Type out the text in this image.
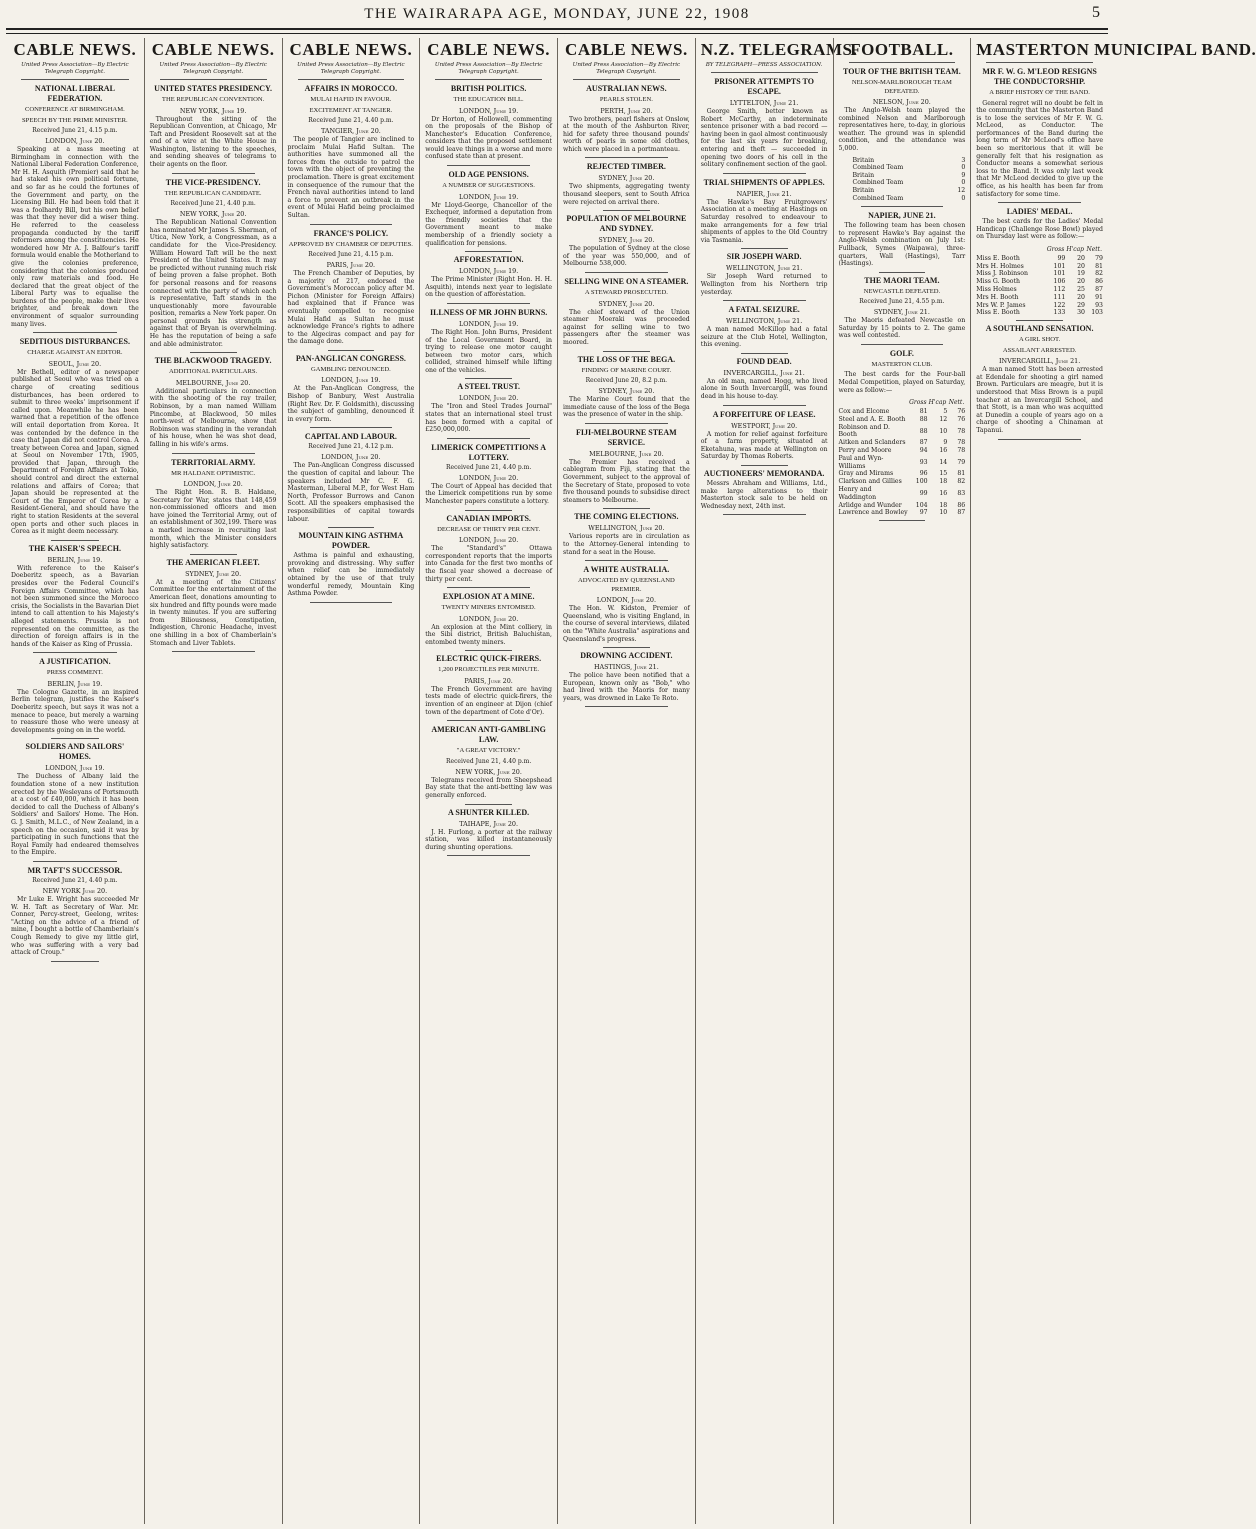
THE WAIRARAPA AGE, MONDAY, JUNE 22, 1908	5
CABLE NEWS.
United Press Association—By Electric Telegraph Copyright.
NATIONAL LIBERAL FEDERATION.
CONFERENCE AT BIRMINGHAM.
SPEECH BY THE PRIME MINISTER.
Received June 21, 4.15 p.m.
LONDON, June 20.

Speaking at a mass meeting at Birmingham in connection with the National Liberal Federation Conference, Mr H. H. Asquith (Premier) said that he had staked his own political fortune, and so far as he could the fortunes of the Government and party, on the Licensing Bill. He had been told that it was a foolhardy Bill, but his own belief was that they never did a wiser thing. He referred to the ceaseless propaganda conducted by the tariff reformers among the constituencies. He wondered how Mr A. J. Balfour's tariff formula would enable the Motherland to give the colonies preference, considering that the colonies produced only raw materials and food. He declared that the great object of the Liberal Party was to equalise the burdens of the people, make their lives brighter, and break down the environment of squalor surrounding many lives.

SEDITIOUS DISTURBANCES.
CHARGE AGAINST AN EDITOR.
SEOUL, June 20.

Mr Bethell, editor of a newspaper published at Seoul who was tried on a charge of creating seditious disturbances, has been ordered to submit to three weeks' imprisonment if called upon. Meanwhile he has been warned that a repetition of the offence will entail deportation from Korea. It was contended by the defence in the case that Japan did not control Corea. A treaty between Corea and Japan, signed at Seoul on November 17th, 1905, provided that Japan, through the Department of Foreign Affairs at Tokio, should control and direct the external relations and affairs of Corea; that Japan should be represented at the Court of the Emperor of Corea by a Resident-General, and should have the right to station Residents at the several open ports and other such places in Corea as it might deem necessary.

THE KAISER'S SPEECH.
BERLIN, June 19.

With reference to the Kaiser's Doeberitz speech, as a Bavarian presides over the Federal Council's Foreign Affairs Committee, which has not been summoned since the Morocco crisis, the Socialists in the Bavarian Diet intend to call attention to his Majesty's alleged statements. Prussia is not represented on the committee, as the direction of foreign affairs is in the hands of the Kaiser as King of Prussia.

A JUSTIFICATION.
PRESS COMMENT.
BERLIN, June 19.

The Cologne Gazette, in an inspired Berlin telegram, justifies the Kaiser's Doeberitz speech, but says it was not a menace to peace, but merely a warning to reassure those who were uneasy at developments going on in the world.

SOLDIERS AND SAILORS' HOMES.
LONDON, June 19.

The Duchess of Albany laid the foundation stone of a new institution erected by the Wesleyans of Portsmouth at a cost of £40,000, which it has been decided to call the Duchess of Albany's Soldiers' and Sailors' Home. The Hon. G. J. Smith, M.L.C., of New Zealand, in a speech on the occasion, said it was by participating in such functions that the Royal Family had endeared themselves to the Empire.

MR TAFT'S SUCCESSOR.
Received June 21, 4.40 p.m.
NEW YORK June 20.

Mr Luke E. Wright has succeeded Mr W. H. Taft as Secretary of War. Mr. Conner, Percy-street, Geelong, writes: "Acting on the advice of a friend of mine, I bought a bottle of Chamberlain's Cough Remedy to give my little girl, who was suffering with a very bad attack of Croup."

CABLE NEWS.
United Press Association—By Electric Telegraph Copyright.
UNITED STATES PRESIDENCY.
THE REPUBLICAN CONVENTION.
NEW YORK, June 19.

Throughout the sitting of the Republican Convention, at Chicago, Mr Taft and President Roosevelt sat at the end of a wire at the White House in Washington, listening to the speeches, and sending sheaves of telegrams to their agents on the floor.

THE VICE-PRESIDENCY.
THE REPUBLICAN CANDIDATE.
Received June 21, 4.40 p.m.
NEW YORK, June 20.

The Republican National Convention has nominated Mr James S. Sherman, of Utica, New York, a Congressman, as a candidate for the Vice-Presidency. William Howard Taft will be the next President of the United States. It may be predicted without running much risk of being proven a false prophet. Both for personal reasons and for reasons connected with the party of which each is representative, Taft stands in the unquestionably more favourable position, remarks a New York paper. On personal grounds his strength as against that of Bryan is overwhelming. He has the reputation of being a safe and able administrator.

THE BLACKWOOD TRAGEDY.
ADDITIONAL PARTICULARS.
MELBOURNE, June 20.

Additional particulars in connection with the shooting of the ray trailer, Robinson, by a man named William Pincombe, at Blackwood, 50 miles north-west of Melbourne, show that Robinson was standing in the verandah of his house, when he was shot dead, falling in his wife's arms.

TERRITORIAL ARMY.
MR HALDANE OPTIMISTIC.
LONDON, June 20.

The Right Hon. R. B. Haldane, Secretary for War, states that 148,459 non-commissioned officers and men have joined the Territorial Army, out of an establishment of 302,199. There was a marked increase in recruiting last month, which the Minister considers highly satisfactory.

THE AMERICAN FLEET.
SYDNEY, June 20.

At a meeting of the Citizens' Committee for the entertainment of the American fleet, donations amounting to six hundred and fifty pounds were made in twenty minutes. If you are suffering from Biliousness, Constipation, Indigestion, Chronic Headache, invest one shilling in a box of Chamberlain's Stomach and Liver Tablets.

CABLE NEWS.
United Press Association—By Electric Telegraph Copyright.
AFFAIRS IN MOROCCO.
MULAI HAFID IN FAVOUR.
EXCITEMENT AT TANGIER.
Received June 21, 4.40 p.m.
TANGIER, June 20.

The people of Tangier are inclined to proclaim Mulai Hafid Sultan. The authorities have summoned all the forces from the outside to patrol the town with the object of preventing the proclamation. There is great excitement in consequence of the rumour that the French naval authorities intend to land a force to prevent an outbreak in the event of Mulai Hafid being proclaimed Sultan.

FRANCE'S POLICY.
APPROVED BY CHAMBER OF DEPUTIES.
Received June 21, 4.15 p.m.
PARIS, June 20.

The French Chamber of Deputies, by a majority of 217, endorsed the Government's Moroccan policy after M. Pichon (Minister for Foreign Affairs) had explained that if France was eventually compelled to recognise Mulai Hafid as Sultan he must acknowledge France's rights to adhere to the Algeciras compact and pay for the damage done.

PAN-ANGLICAN CONGRESS.
GAMBLING DENOUNCED.
LONDON, June 19.

At the Pan-Anglican Congress, the Bishop of Banbury, West Australia (Right Rev. Dr. F. Goldsmith), discussing the subject of gambling, denounced it in every form.

CAPITAL AND LABOUR.
Received June 21, 4.12 p.m.
LONDON, June 20.

The Pan-Anglican Congress discussed the question of capital and labour. The speakers included Mr C. F. G. Masterman, Liberal M.P., for West Ham North, Professor Burrows and Canon Scott. All the speakers emphasised the responsibilities of capital towards labour.

MOUNTAIN KING ASTHMA POWDER.

Asthma is painful and exhausting, provoking and distressing. Why suffer when relief can be immediately obtained by the use of that truly wonderful remedy, Mountain King Asthma Powder.

CABLE NEWS.
United Press Association—By Electric Telegraph Copyright.
BRITISH POLITICS.
THE EDUCATION BILL.
LONDON, June 19.

Dr Horton, of Hollowell, commenting on the proposals of the Bishop of Manchester's Education Conference, considers that the proposed settlement would leave things in a worse and more confused state than at present.

OLD AGE PENSIONS.
A NUMBER OF SUGGESTIONS.
LONDON, June 19.

Mr Lloyd-George, Chancellor of the Exchequer, informed a deputation from the friendly societies that the Government meant to make membership of a friendly society a qualification for pensions.

AFFORESTATION.
LONDON, June 19.

The Prime Minister (Right Hon. H. H. Asquith), intends next year to legislate on the question of afforestation.

ILLNESS OF MR JOHN BURNS.
LONDON, June 19.

The Right Hon. John Burns, President of the Local Government Board, in trying to release one motor caught between two motor cars, which collided, strained himself while lifting one of the vehicles.

A STEEL TRUST.
LONDON, June 20.

The "Iron and Steel Trades Journal" states that an international steel trust has been formed with a capital of £250,000,000.

LIMERICK COMPETITIONS A LOTTERY.
Received June 21, 4.40 p.m.
LONDON, June 20.

The Court of Appeal has decided that the Limerick competitions run by some Manchester papers constitute a lottery.

CANADIAN IMPORTS.
DECREASE OF THIRTY PER CENT.
LONDON, June 20.

The "Standard's" Ottawa correspondent reports that the imports into Canada for the first two months of the fiscal year showed a decrease of thirty per cent.

EXPLOSION AT A MINE.
TWENTY MINERS ENTOMBED.
LONDON, June 20.

An explosion at the Mint colliery, in the Sibi district, British Baluchistan, entombed twenty miners.

ELECTRIC QUICK-FIRERS.
1,200 PROJECTILES PER MINUTE.
PARIS, June 20.

The French Government are having tests made of electric quick-firers, the invention of an engineer at Dijon (chief town of the department of Cote d'Or).

AMERICAN ANTI-GAMBLING LAW.
"A GREAT VICTORY."
Received June 21, 4.40 p.m.
NEW YORK, June 20.

Telegrams received from Sheepshead Bay state that the anti-betting law was generally enforced.

A SHUNTER KILLED.
TAIHAPE, June 20.

J. H. Furlong, a porter at the railway station, was killed instantaneously during shunting operations.

CABLE NEWS.
United Press Association—By Electric Telegraph Copyright.
AUSTRALIAN NEWS.
PEARLS STOLEN.
PERTH, June 20.

Two brothers, pearl fishers at Onslow, at the mouth of the Ashburton River, hid for safety three thousand pounds' worth of pearls in some old clothes, which were placed in a portmanteau.

REJECTED TIMBER.
SYDNEY, June 20.

Two shipments, aggregating twenty thousand sleepers, sent to South Africa were rejected on arrival there.

POPULATION OF MELBOURNE AND SYDNEY.
SYDNEY, June 20.

The population of Sydney at the close of the year was 550,000, and of Melbourne 538,000.

SELLING WINE ON A STEAMER.
A STEWARD PROSECUTED.
SYDNEY, June 20.

The chief steward of the Union steamer Moeraki was proceeded against for selling wine to two passengers after the steamer was moored.

THE LOSS OF THE BEGA.
FINDING OF MARINE COURT.
Received June 20, 8.2 p.m.
SYDNEY, June 20.

The Marine Court found that the immediate cause of the loss of the Bega was the presence of water in the ship.

FIJI-MELBOURNE STEAM SERVICE.
MELBOURNE, June 20.

The Premier has received a cablegram from Fiji, stating that the Government, subject to the approval of the Secretary of State, proposed to vote five thousand pounds to subsidise direct steamers to Melbourne.

THE COMING ELECTIONS.
WELLINGTON, June 20.

Various reports are in circulation as to the Attorney-General intending to stand for a seat in the House.

A WHITE AUSTRALIA.
ADVOCATED BY QUEENSLAND PREMIER.
LONDON, June 20.

The Hon. W. Kidston, Premier of Queensland, who is visiting England, in the course of several interviews, dilated on the "White Australia" aspirations and Queensland's progress.

DROWNING ACCIDENT.
HASTINGS, June 21.

The police have been notified that a European, known only as "Bob," who had lived with the Maoris for many years, was drowned in Lake Te Roto.

N.Z. TELEGRAMS.
BY TELEGRAPH—PRESS ASSOCIATION.
PRISONER ATTEMPTS TO ESCAPE.
LYTTELTON, June 21.

George Smith, better known as Robert McCarthy, an indeterminate sentence prisoner with a bad record — having been in gaol almost continuously for the last six years for breaking, entering and theft — succeeded in opening two doors of his cell in the solitary confinement section of the gaol.

TRIAL SHIPMENTS OF APPLES.
NAPIER, June 21.

The Hawke's Bay Fruitgrowers' Association at a meeting at Hastings on Saturday resolved to endeavour to make arrangements for a few trial shipments of apples to the Old Country via Tasmania.

SIR JOSEPH WARD.
WELLINGTON, June 21.

Sir Joseph Ward returned to Wellington from his Northern trip yesterday.

A FATAL SEIZURE.
WELLINGTON, June 21.

A man named McKillop had a fatal seizure at the Club Hotel, Wellington, this evening.

FOUND DEAD.
INVERCARGILL, June 21.

An old man, named Hogg, who lived alone in South Invercargill, was found dead in his house to-day.

A FORFEITURE OF LEASE.
WESTPORT, June 20.

A motion for relief against forfeiture of a farm property, situated at Eketahuna, was made at Wellington on Saturday by Thomas Roberts.

AUCTIONEERS' MEMORANDA.

Messrs Abraham and Williams, Ltd., make large alterations to their Masterton stock sale to be held on Wednesday next, 24th inst.

FOOTBALL.
TOUR OF THE BRITISH TEAM.
NELSON-MARLBOROUGH TEAM DEFEATED.
NELSON, June 20.

The Anglo-Welsh team played the combined Nelson and Marlborough representatives here, to-day, in glorious weather. The ground was in splendid condition, and the attendance was 5,000.

Britain	3
Combined Team	0
Britain	9
Combined Team	0
Britain	12
Combined Team	0
NAPIER, JUNE 21.

The following team has been chosen to represent Hawke's Bay against the Anglo-Welsh combination on July 1st: Fullback, Symes (Waipawa), three-quarters, Wall (Hastings), Tarr (Hastings).

THE MAORI TEAM.
NEWCASTLE DEFEATED.
Received June 21, 4.55 p.m.
SYDNEY, June 21.

The Maoris defeated Newcastle on Saturday by 15 points to 2. The game was well contested.

GOLF.
MASTERTON CLUB.

The best cards for the Four-ball Medal Competition, played on Saturday, were as follow:—

	Gross	H'cap	Nett.
Cox and Elcome	81	5	76
Steel and A. E. Booth	88	12	76
Robinson and D. Booth	88	10	78
Aitken and Sclanders	87	9	78
Perry and Moore	94	16	78
Paul and Wyn-Williams	93	14	79
Gray and Mirams	96	15	81
Clarkson and Gillies	100	18	82
Henry and Waddington	99	16	83
Arlidge and Wunder	104	18	86
Lawrence and Bowley	97	10	87
MASTERTON MUNICIPAL BAND.
MR F. W. G. M'LEOD RESIGNS THE CONDUCTORSHIP.
A BRIEF HISTORY OF THE BAND.

General regret will no doubt be felt in the community that the Masterton Band is to lose the services of Mr F. W. G. McLeod, as Conductor. The performances of the Band during the long term of Mr McLeod's office have been so meritorious that it will be generally felt that his resignation as Conductor means a somewhat serious loss to the Band. It was only last week that Mr McLeod decided to give up the office, as his health has been far from satisfactory for some time.

LADIES' MEDAL.

The best cards for the Ladies' Medal Handicap (Challenge Rose Bowl) played on Thursday last were as follow:—

	Gross	H'cap	Nett.
Miss E. Booth	99	20	79
Mrs H. Holmes	101	20	81
Miss J. Robinson	101	19	82
Miss G. Booth	106	20	86
Miss Holmes	112	25	87
Mrs H. Booth	111	20	91
Mrs W. P. James	122	29	93
Miss E. Booth	133	30	103
A SOUTHLAND SENSATION.
A GIRL SHOT.
ASSAILANT ARRESTED.
INVERCARGILL, June 21.

A man named Stott has been arrested at Edendale for shooting a girl named Brown. Particulars are meagre, but it is understood that Miss Brown is a pupil teacher at an Invercargill School, and that Stott, is a man who was acquitted at Dunedin a couple of years ago on a charge of shooting a Chinaman at Tapanui.
